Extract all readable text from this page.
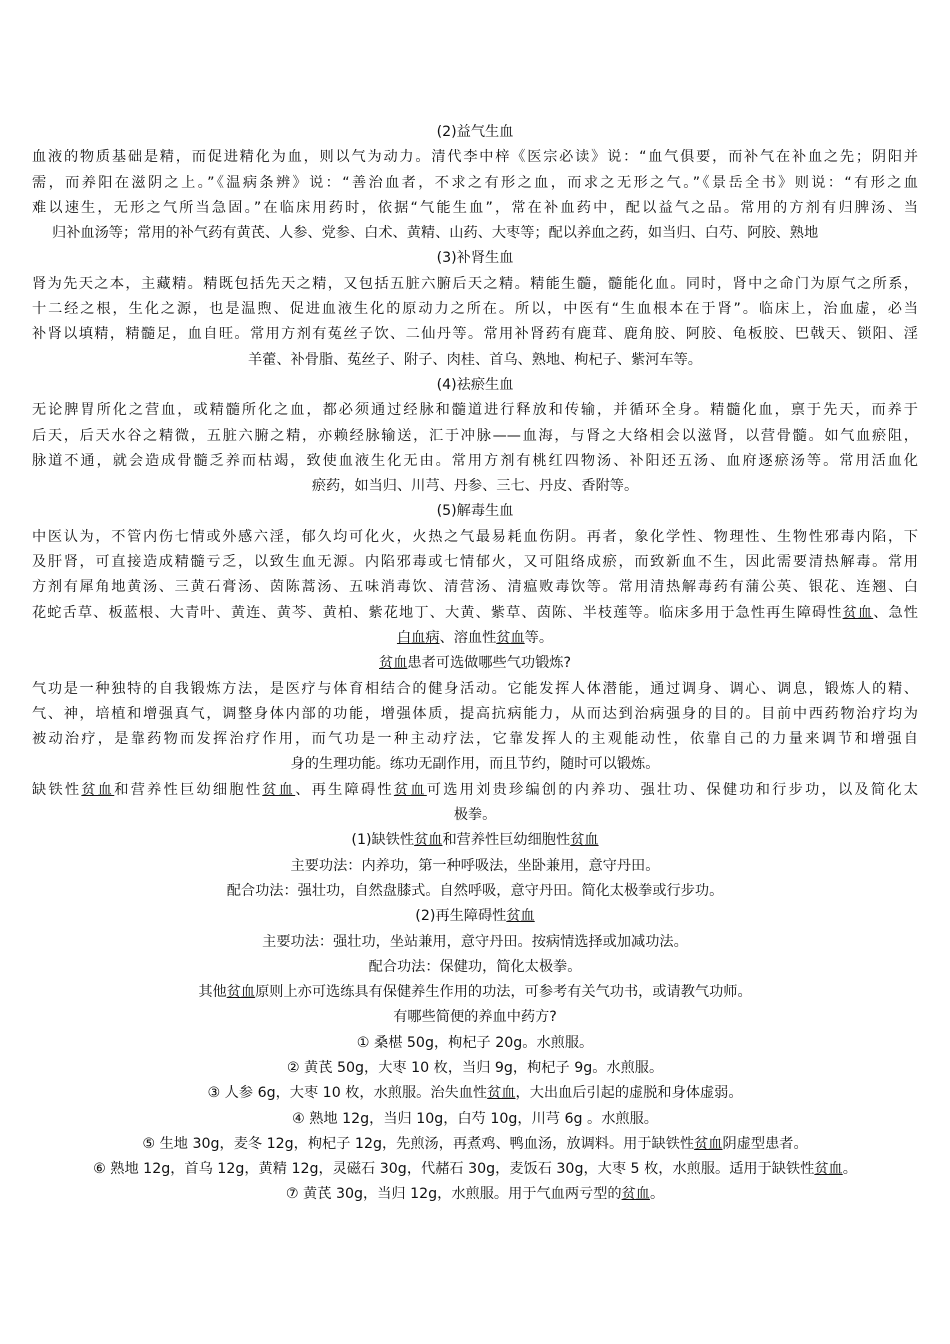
(2)益气生血
血液的物质基础是精，而促进精化为血，则以气为动力。清代李中梓《医宗必读》说：“血气俱要，而补气在补血之先；阴阳并
需，而养阳在滋阴之上。”《温病条辨》说：“善治血者，不求之有形之血，而求之无形之气。”《景岳全书》则说：“有形之血
难以速生，无形之气所当急固。”在临床用药时，依据“气能生血”，常在补血药中，配以益气之品。常用的方剂有归脾汤、当
归补血汤等；常用的补气药有黄芪、人参、党参、白术、黄精、山药、大枣等；配以养血之药，如当归、白芍、阿胶、熟地
(3)补肾生血
肾为先天之本，主藏精。精既包括先天之精，又包括五脏六腑后天之精。精能生髓，髓能化血。同时，肾中之命门为原气之所系，
十二经之根，生化之源，也是温煦、促进血液生化的原动力之所在。所以，中医有“生血根本在于肾”。临床上，治血虚，必当
补肾以填精，精髓足，血自旺。常用方剂有菟丝子饮、二仙丹等。常用补肾药有鹿茸、鹿角胶、阿胶、龟板胶、巴戟天、锁阳、淫
羊藿、补骨脂、菟丝子、附子、肉桂、首乌、熟地、枸杞子、紫河车等。
(4)祛瘀生血
无论脾胃所化之营血，或精髓所化之血，都必须通过经脉和髓道进行释放和传输，并循环全身。精髓化血，禀于先天，而养于
后天，后天水谷之精微，五脏六腑之精，亦赖经脉输送，汇于冲脉——血海，与肾之大络相会以滋肾，以营骨髓。如气血瘀阻，
脉道不通，就会造成骨髓乏养而枯竭，致使血液生化无由。常用方剂有桃红四物汤、补阳还五汤、血府逐瘀汤等。常用活血化
瘀药，如当归、川芎、丹参、三七、丹皮、香附等。
(5)解毒生血
中医认为，不管内伤七情或外感六淫，郁久均可化火，火热之气最易耗血伤阴。再者，象化学性、物理性、生物性邪毒内陷，下
及肝肾，可直接造成精髓亏乏，以致生血无源。内陷邪毒或七情郁火，又可阻络成瘀，而致新血不生，因此需要清热解毒。常用
方剂有犀角地黄汤、三黄石膏汤、茵陈蒿汤、五味消毒饮、清营汤、清瘟败毒饮等。常用清热解毒药有蒲公英、银花、连翘、白
花蛇舌草、板蓝根、大青叶、黄连、黄芩、黄柏、紫花地丁、大黄、紫草、茵陈、半枝莲等。临床多用于急性再生障碍性贫血、急性
白血病、溶血性贫血等。
贫血患者可选做哪些气功锻炼?
气功是一种独特的自我锻炼方法，是医疗与体育相结合的健身活动。它能发挥人体潜能，通过调身、调心、调息，锻炼人的精、
气、神，培植和增强真气，调整身体内部的功能，增强体质，提高抗病能力，从而达到治病强身的目的。目前中西药物治疗均为
被动治疗，是靠药物而发挥治疗作用，而气功是一种主动疗法，它靠发挥人的主观能动性，依靠自己的力量来调节和增强自
身的生理功能。练功无副作用，而且节约，随时可以锻炼。
缺铁性贫血和营养性巨幼细胞性贫血、再生障碍性贫血可选用刘贵珍编创的内养功、强壮功、保健功和行步功，以及简化太
极拳。
(1)缺铁性贫血和营养性巨幼细胞性贫血
主要功法：内养功，第一种呼吸法，坐卧兼用，意守丹田。
配合功法：强壮功，自然盘膝式。自然呼吸，意守丹田。简化太极拳或行步功。
(2)再生障碍性贫血
主要功法：强壮功，坐站兼用，意守丹田。按病情选择或加减功法。
配合功法：保健功，简化太极拳。
其他贫血原则上亦可选练具有保健养生作用的功法，可参考有关气功书，或请教气功师。
有哪些简便的养血中药方?
① 桑椹 50g，枸杞子 20g。水煎服。
② 黄芪 50g，大枣 10 枚，当归 9g，枸杞子 9g。水煎服。
③ 人参 6g，大枣 10 枚，水煎服。治失血性贫血，大出血后引起的虚脱和身体虚弱。
④ 熟地 12g，当归 10g，白芍 10g，川芎 6g 。水煎服。
⑤ 生地 30g，麦冬 12g，枸杞子 12g，先煎汤，再煮鸡、鸭血汤，放调料。用于缺铁性贫血阴虚型患者。
⑥ 熟地 12g，首乌 12g，黄精 12g，灵磁石 30g，代赭石 30g，麦饭石 30g，大枣 5 枚，水煎服。适用于缺铁性贫血。
⑦ 黄芪 30g，当归 12g，水煎服。用于气血两亏型的贫血。
